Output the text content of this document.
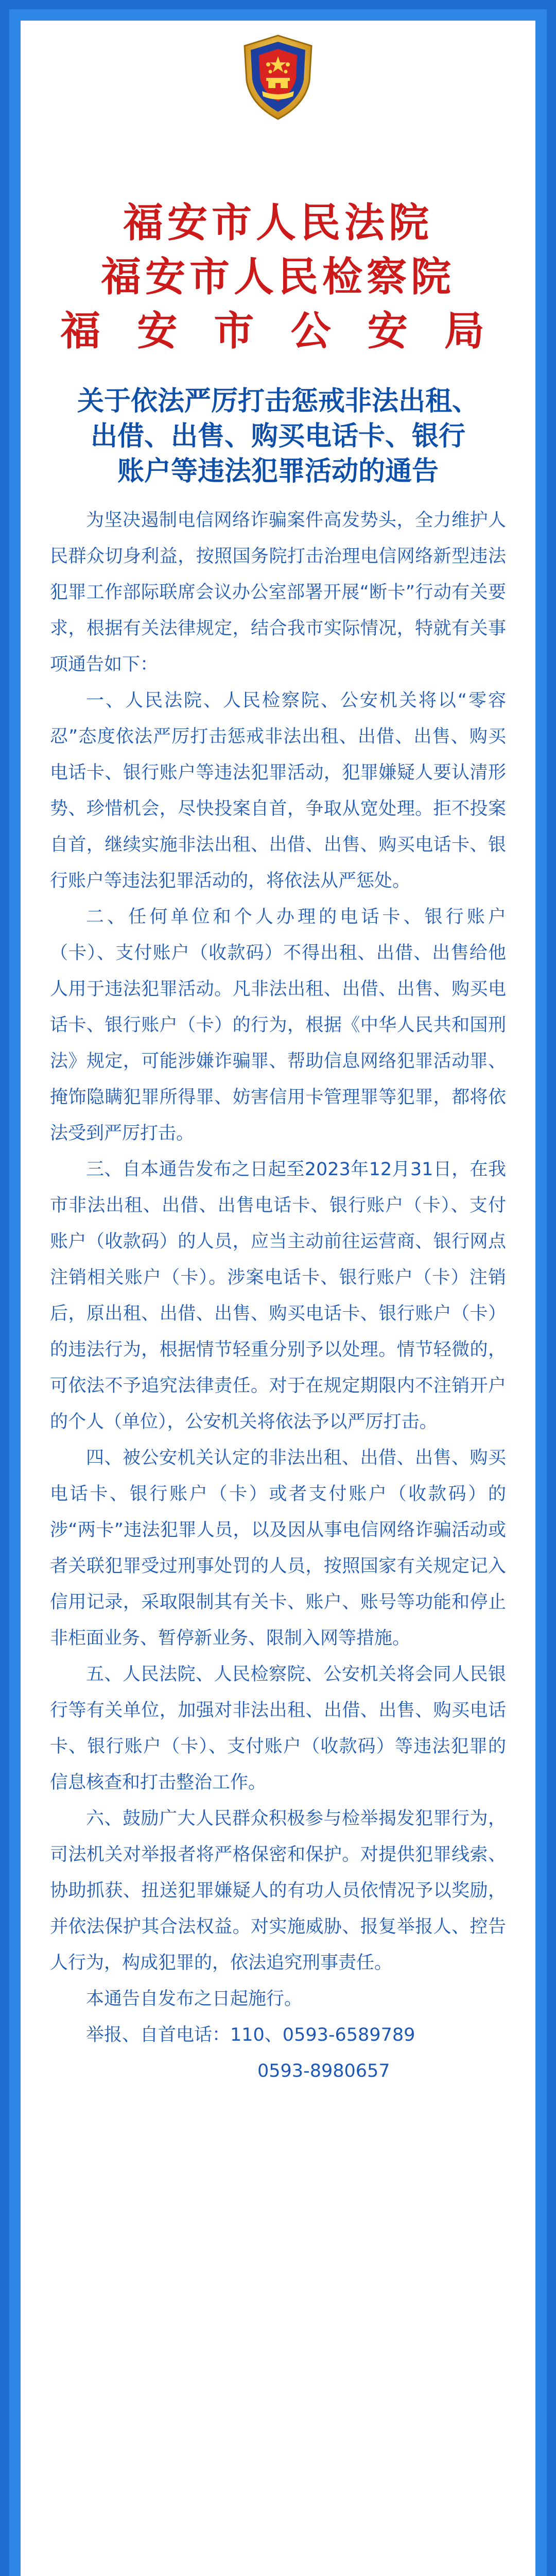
福安市人民法院
福安市人民检察院
福 安 市 公 安 局
关于依法严厉打击惩戒非法出租、
出借、出售、购买电话卡、银行
账户等违法犯罪活动的通告

为坚决遏制电信网络诈骗案件高发势头，全力维护人民群众切身利益，按照国务院打击治理电信网络新型违法犯罪工作部际联席会议办公室部署开展“断卡”行动有关要求，根据有关法律规定，结合我市实际情况，特就有关事项通告如下：

一、人民法院、人民检察院、公安机关将以“零容忍”态度依法严厉打击惩戒非法出租、出借、出售、购买电话卡、银行账户等违法犯罪活动，犯罪嫌疑人要认清形势、珍惜机会，尽快投案自首，争取从宽处理。拒不投案自首，继续实施非法出租、出借、出售、购买电话卡、银行账户等违法犯罪活动的，将依法从严惩处。

二、任何单位和个人办理的电话卡、银行账户（卡）、支付账户（收款码）不得出租、出借、出售给他人用于违法犯罪活动。凡非法出租、出借、出售、购买电话卡、银行账户（卡）的行为，根据《中华人民共和国刑法》规定，可能涉嫌诈骗罪、帮助信息网络犯罪活动罪、掩饰隐瞒犯罪所得罪、妨害信用卡管理罪等犯罪，都将依法受到严厉打击。

三、自本通告发布之日起至2023年12月31日，在我市非法出租、出借、出售电话卡、银行账户（卡）、支付账户（收款码）的人员，应当主动前往运营商、银行网点注销相关账户（卡）。涉案电话卡、银行账户（卡）注销后，原出租、出借、出售、购买电话卡、银行账户（卡）的违法行为，根据情节轻重分别予以处理。情节轻微的，可依法不予追究法律责任。对于在规定期限内不注销开户的个人（单位），公安机关将依法予以严厉打击。

四、被公安机关认定的非法出租、出借、出售、购买电话卡、银行账户（卡）或者支付账户（收款码）的涉“两卡”违法犯罪人员，以及因从事电信网络诈骗活动或者关联犯罪受过刑事处罚的人员，按照国家有关规定记入信用记录，采取限制其有关卡、账户、账号等功能和停止非柜面业务、暂停新业务、限制入网等措施。

五、人民法院、人民检察院、公安机关将会同人民银行等有关单位，加强对非法出租、出借、出售、购买电话卡、银行账户（卡）、支付账户（收款码）等违法犯罪的信息核查和打击整治工作。

六、鼓励广大人民群众积极参与检举揭发犯罪行为，司法机关对举报者将严格保密和保护。对提供犯罪线索、协助抓获、扭送犯罪嫌疑人的有功人员依情况予以奖励，并依法保护其合法权益。对实施威胁、报复举报人、控告人行为，构成犯罪的，依法追究刑事责任。

本通告自发布之日起施行。

举报、自首电话：110、0593-6589789
0593-8980657
